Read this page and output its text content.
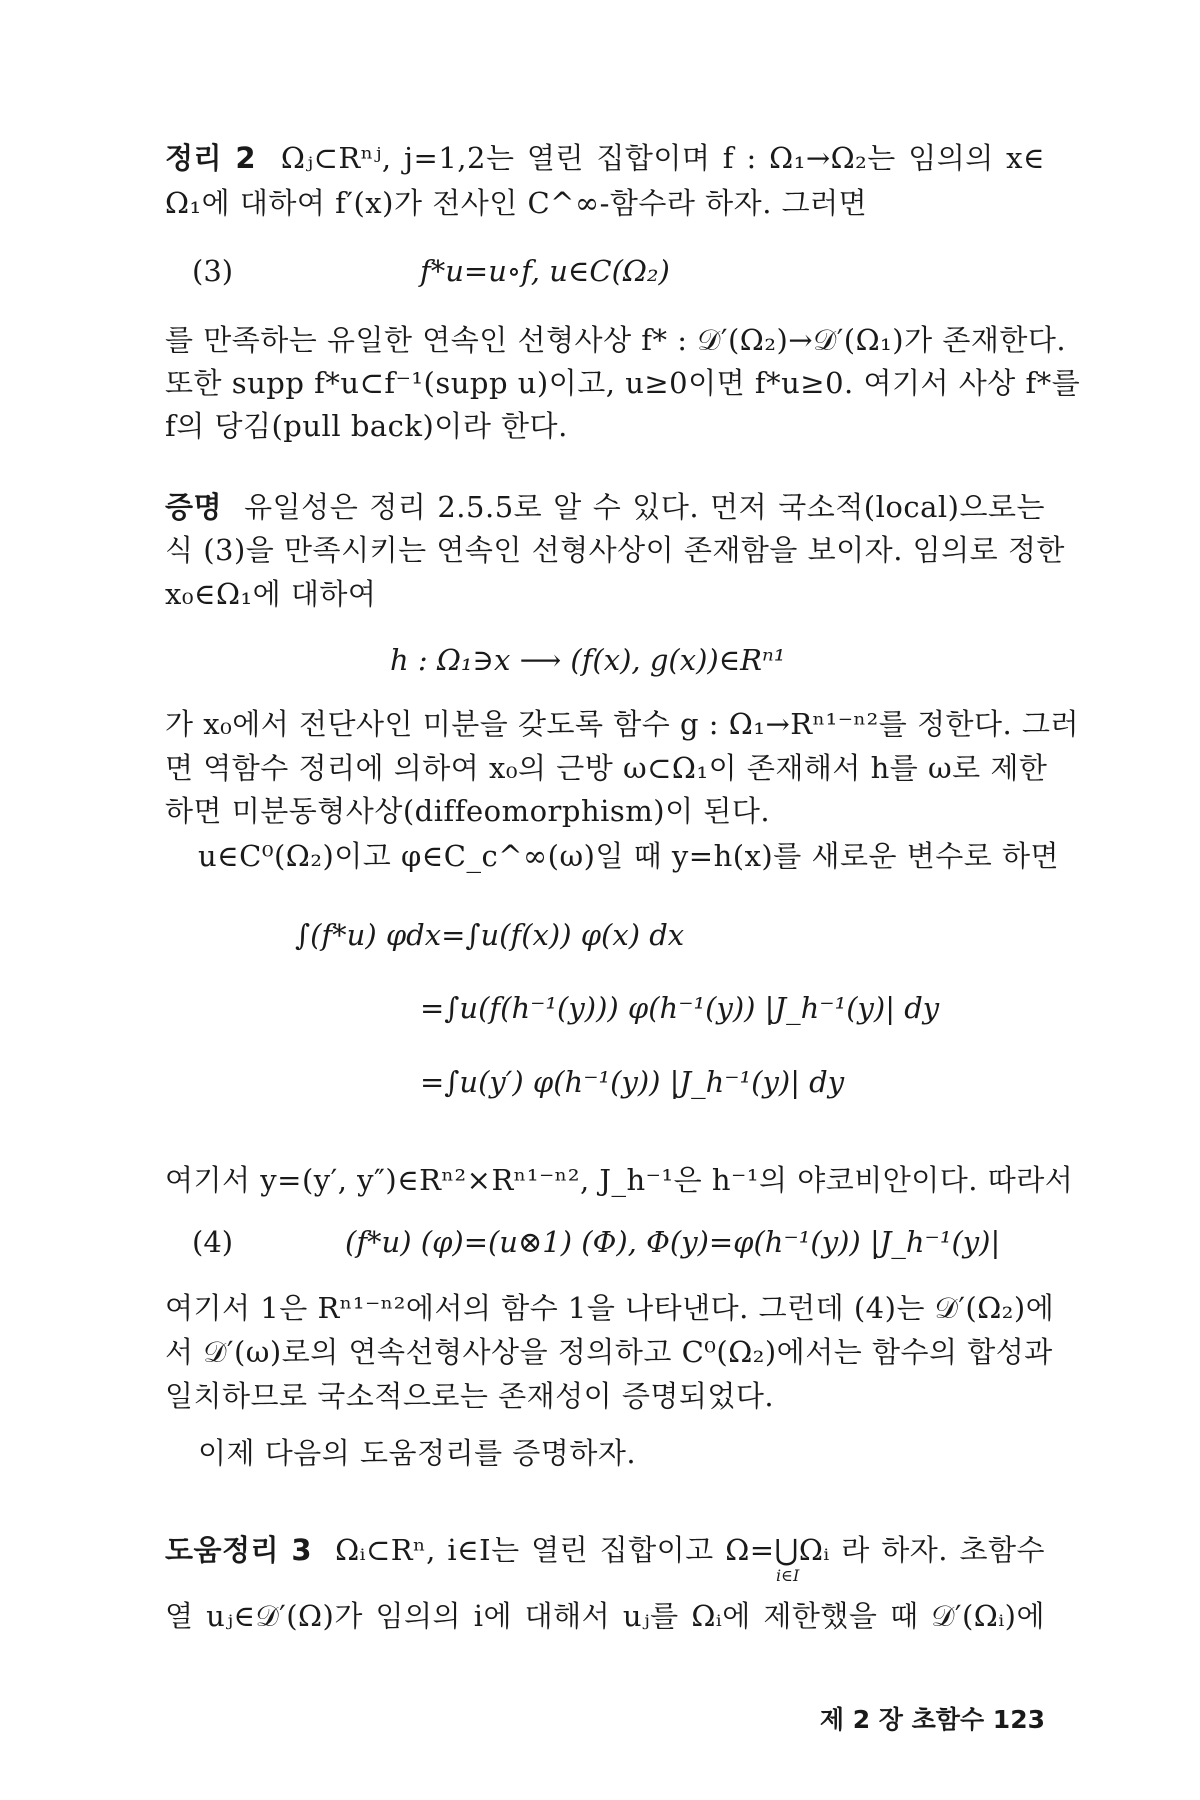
정리 2 Ωⱼ⊂Rⁿʲ, j=1,2는 열린 집합이며 f : Ω₁→Ω₂는 임의의 x∈
Ω₁에 대하여 f′(x)가 전사인 C^∞-함수라 하자. 그러면
(3)	f*u=u∘f, u∈C(Ω₂)
를 만족하는 유일한 연속인 선형사상 f* : 𝒟′(Ω₂)→𝒟′(Ω₁)가 존재한다.
또한 supp f*u⊂f⁻¹(supp u)이고, u≥0이면 f*u≥0. 여기서 사상 f*를
f의 당김(pull back)이라 한다.
증명 유일성은 정리 2.5.5로 알 수 있다. 먼저 국소적(local)으로는
식 (3)을 만족시키는 연속인 선형사상이 존재함을 보이자. 임의로 정한
x₀∈Ω₁에 대하여
h : Ω₁∋x ⟶ (f(x), g(x))∈Rⁿ¹
가 x₀에서 전단사인 미분을 갖도록 함수 g : Ω₁→Rⁿ¹⁻ⁿ²를 정한다. 그러
면 역함수 정리에 의하여 x₀의 근방 ω⊂Ω₁이 존재해서 h를 ω로 제한
하면 미분동형사상(diffeomorphism)이 된다.
u∈C⁰(Ω₂)이고 φ∈C_c^∞(ω)일 때 y=h(x)를 새로운 변수로 하면
∫(f*u) φdx=∫u(f(x)) φ(x) dx
=∫u(f(h⁻¹(y))) φ(h⁻¹(y)) |J_h⁻¹(y)| dy
=∫u(y′) φ(h⁻¹(y)) |J_h⁻¹(y)| dy
여기서 y=(y′, y″)∈Rⁿ²×Rⁿ¹⁻ⁿ², J_h⁻¹은 h⁻¹의 야코비안이다. 따라서
(4)	(f*u) (φ)=(u⊗1) (Φ), Φ(y)=φ(h⁻¹(y)) |J_h⁻¹(y)|
여기서 1은 Rⁿ¹⁻ⁿ²에서의 함수 1을 나타낸다. 그런데 (4)는 𝒟′(Ω₂)에
서 𝒟′(ω)로의 연속선형사상을 정의하고 C⁰(Ω₂)에서는 함수의 합성과
일치하므로 국소적으로는 존재성이 증명되었다.
이제 다음의 도움정리를 증명하자.
도움정리 3 Ωᵢ⊂Rⁿ, i∈I는 열린 집합이고 Ω=⋃Ωᵢ 라 하자. 초함수
i∈I
열 uⱼ∈𝒟′(Ω)가 임의의 i에 대해서 uⱼ를 Ωᵢ에 제한했을 때 𝒟′(Ωᵢ)에
제 2 장 초함수 123
